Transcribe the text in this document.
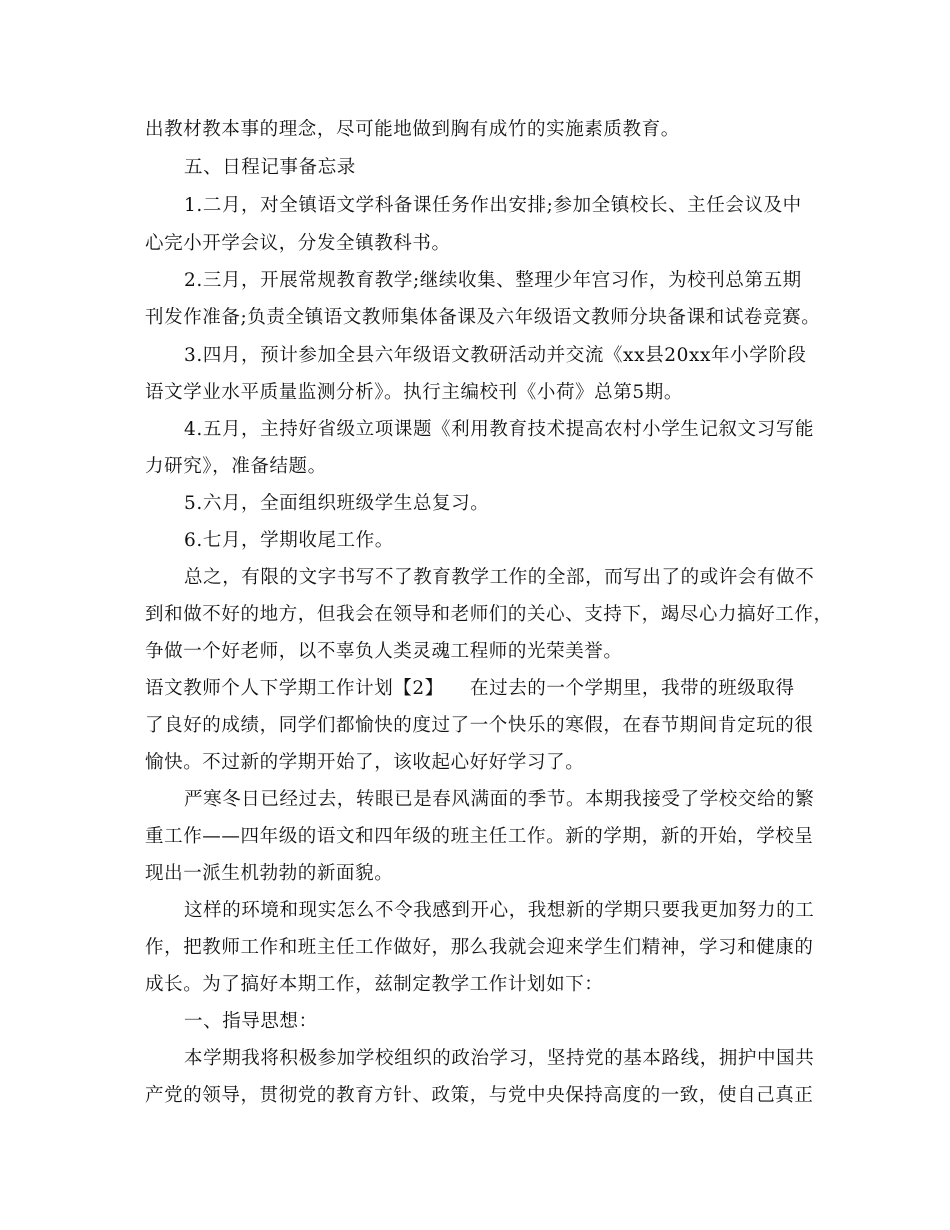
出教材教本事的理念，尽可能地做到胸有成竹的实施素质教育。
五、日程记事备忘录
1.二月，对全镇语文学科备课任务作出安排;参加全镇校长、主任会议及中
心完小开学会议，分发全镇教科书。
2.三月，开展常规教育教学;继续收集、整理少年宫习作，为校刊总第五期
刊发作准备;负责全镇语文教师集体备课及六年级语文教师分块备课和试卷竞赛。
3.四月，预计参加全县六年级语文教研活动并交流《xx县20xx年小学阶段
语文学业水平质量监测分析》。执行主编校刊《小荷》总第5期。
4.五月，主持好省级立项课题《利用教育技术提高农村小学生记叙文习写能
力研究》，准备结题。
5.六月，全面组织班级学生总复习。
6.七月，学期收尾工作。
总之，有限的文字书写不了教育教学工作的全部，而写出了的或许会有做不
到和做不好的地方，但我会在领导和老师们的关心、支持下，竭尽心力搞好工作，
争做一个好老师，以不辜负人类灵魂工程师的光荣美誉。
语文教师个人下学期工作计划【2】 在过去的一个学期里，我带的班级取得
了良好的成绩，同学们都愉快的度过了一个快乐的寒假，在春节期间肯定玩的很
愉快。不过新的学期开始了，该收起心好好学习了。
严寒冬日已经过去，转眼已是春风满面的季节。本期我接受了学校交给的繁
重工作——四年级的语文和四年级的班主任工作。新的学期，新的开始，学校呈
现出一派生机勃勃的新面貌。
这样的环境和现实怎么不令我感到开心，我想新的学期只要我更加努力的工
作，把教师工作和班主任工作做好，那么我就会迎来学生们精神，学习和健康的
成长。为了搞好本期工作，兹制定教学工作计划如下：
一、指导思想：
本学期我将积极参加学校组织的政治学习，坚持党的基本路线，拥护中国共
产党的领导，贯彻党的教育方针、政策，与党中央保持高度的一致，使自己真正
